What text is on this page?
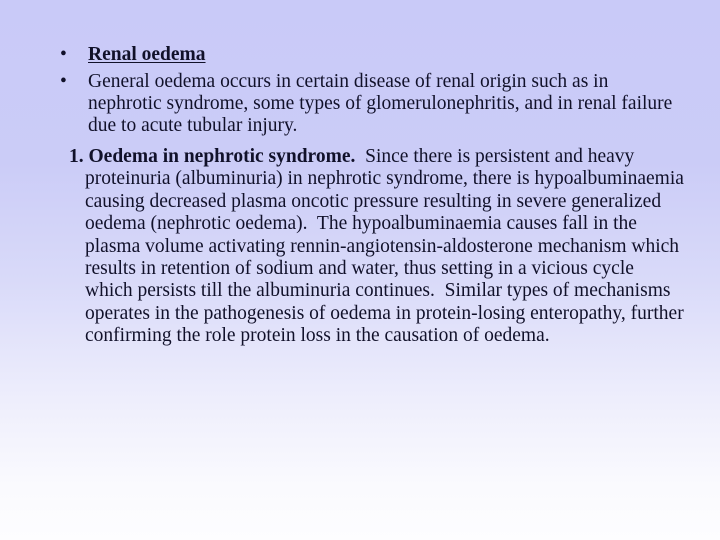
• Renal oedema
• General oedema occurs in certain disease of renal origin such as in nephrotic syndrome, some types of glomerulonephritis, and in renal failure due to acute tubular injury.

1. Oedema in nephrotic syndrome.  Since there is persistent and heavy proteinuria (albuminuria) in nephrotic syndrome, there is hypoalbuminaemia causing decreased plasma oncotic pressure resulting in severe generalized oedema (nephrotic oedema).  The hypoalbuminaemia causes fall in the plasma volume activating rennin-angiotensin-aldosterone mechanism which results in retention of sodium and water, thus setting in a vicious cycle which persists till the albuminuria continues.  Similar types of mechanisms operates in the pathogenesis of oedema in protein-losing enteropathy, further confirming the role protein loss in the causation of oedema.
